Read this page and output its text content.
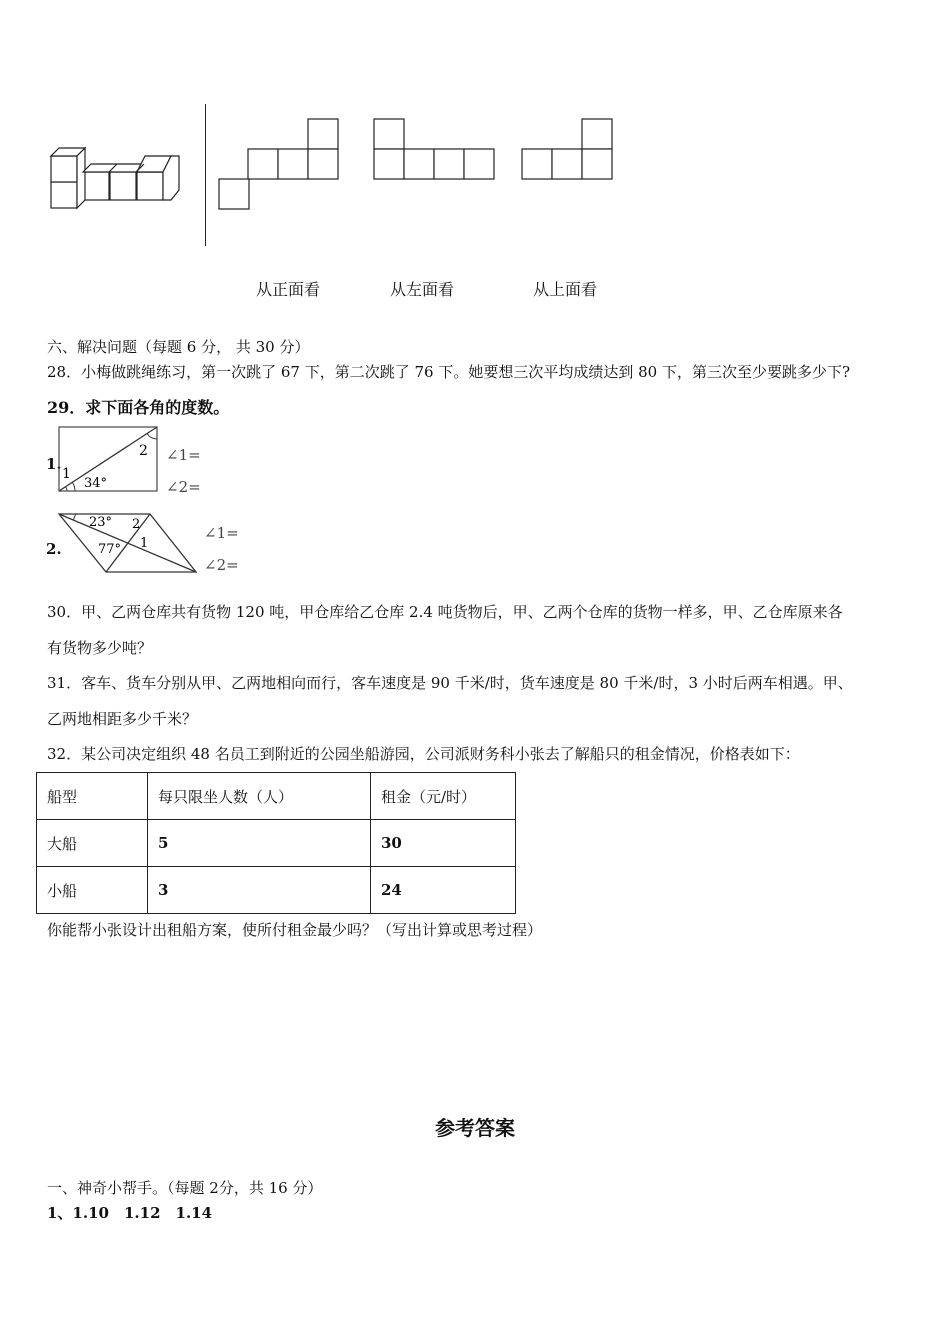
从正面看	从左面看	从上面看
六、解决问题（每题 6 分， 共 30 分）
28．小梅做跳绳练习，第一次跳了 67 下，第二次跳了 76 下。她要想三次平均成绩达到 80 下，第三次至少要跳多少下?
29．求下面各角的度数。
1.
1
2
34°
∠1=
∠2=
2.
23°
77°
2
1
∠1=
∠2=
30．甲、乙两仓库共有货物 120 吨，甲仓库给乙仓库 2.4 吨货物后，甲、乙两个仓库的货物一样多，甲、乙仓库原来各
有货物多少吨？
31．客车、货车分别从甲、乙两地相向而行，客车速度是 90 千米/时，货车速度是 80 千米/时，3 小时后两车相遇。甲、
乙两地相距多少千米？
32．某公司决定组织 48 名员工到附近的公园坐船游园，公司派财务科小张去了解船只的租金情况，价格表如下：
船型	每只限坐人数（人）	租金（元/时）
大船	5	30
小船	3	24
你能帮小张设计出租船方案，使所付租金最少吗？（写出计算或思考过程）
参考答案
一、神奇小帮手。（每题 2分，共 16 分）
1、1.10　1.12　1.14
